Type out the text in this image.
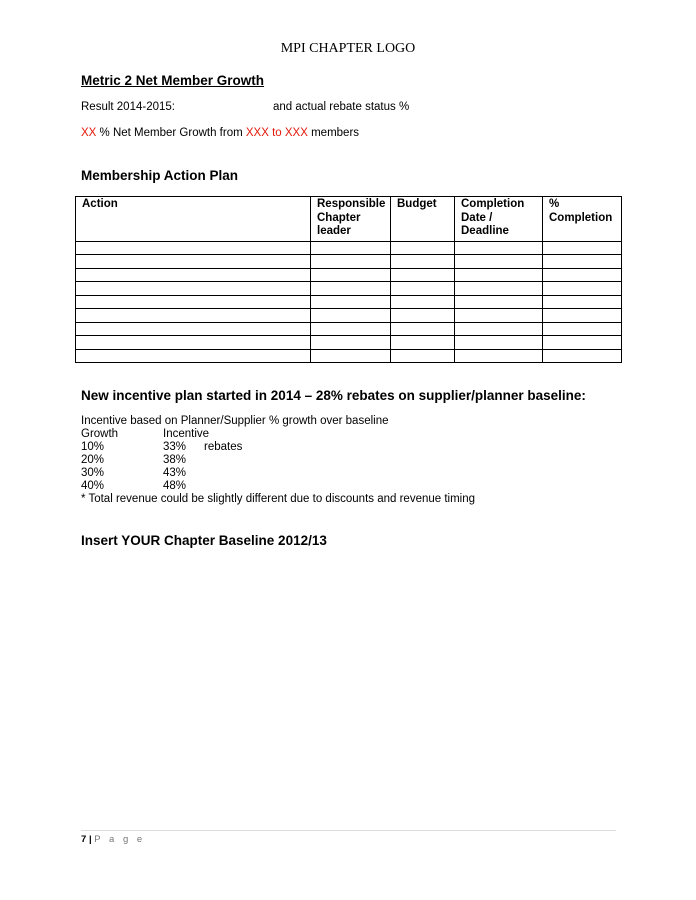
MPI CHAPTER LOGO
Metric 2 Net Member Growth
Result 2014-2015:	and actual rebate status %
XX % Net Member Growth from XXX to XXX members
Membership Action Plan
Action	Responsible Chapter leader	Budget	Completion Date / Deadline	% Completion

New incentive plan started in 2014 – 28% rebates on supplier/planner baseline:
Incentive based on Planner/Supplier % growth over baseline
Growth	Incentive
10%	33% rebates
20%	38%
30%	43%
40%	48%
* Total revenue could be slightly different due to discounts and revenue timing
Insert YOUR Chapter Baseline 2012/13
7 | P a g e
